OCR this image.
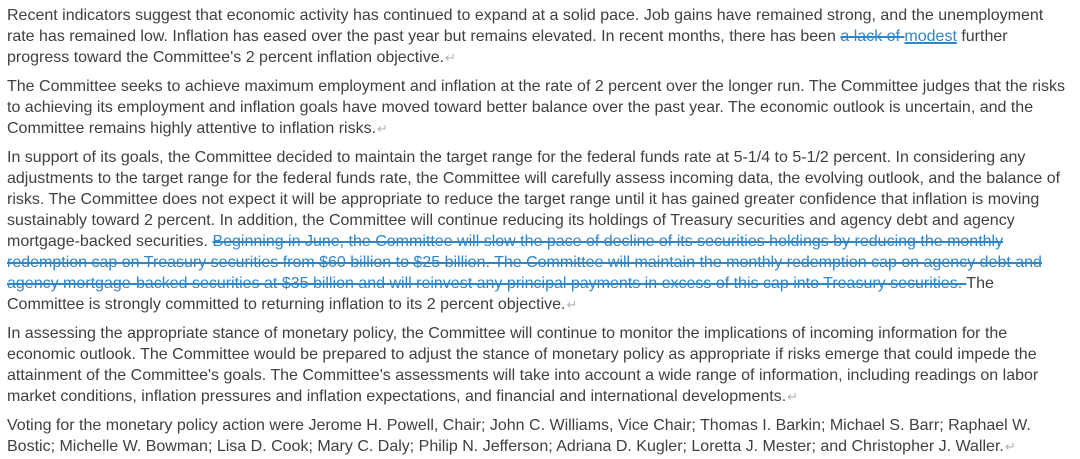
Recent indicators suggest that economic activity has continued to expand at a solid pace. Job gains have remained strong, and the unemployment rate has remained low. Inflation has eased over the past year but remains elevated. In recent months, there has been a lack of modest further progress toward the Committee's 2 percent inflation objective.↵

The Committee seeks to achieve maximum employment and inflation at the rate of 2 percent over the longer run. The Committee judges that the risks to achieving its employment and inflation goals have moved toward better balance over the past year. The economic outlook is uncertain, and the Committee remains highly attentive to inflation risks.↵

In support of its goals, the Committee decided to maintain the target range for the federal funds rate at 5-1/4 to 5-1/2 percent. In considering any adjustments to the target range for the federal funds rate, the Committee will carefully assess incoming data, the evolving outlook, and the balance of risks. The Committee does not expect it will be appropriate to reduce the target range until it has gained greater confidence that inflation is moving sustainably toward 2 percent. In addition, the Committee will continue reducing its holdings of Treasury securities and agency debt and agency mortgage-backed securities. Beginning in June, the Committee will slow the pace of decline of its securities holdings by reducing the monthly redemption cap on Treasury securities from $60 billion to $25 billion. The Committee will maintain the monthly redemption cap on agency debt and agency mortgage-backed securities at $35 billion and will reinvest any principal payments in excess of this cap into Treasury securities. The Committee is strongly committed to returning inflation to its 2 percent objective.↵

In assessing the appropriate stance of monetary policy, the Committee will continue to monitor the implications of incoming information for the economic outlook. The Committee would be prepared to adjust the stance of monetary policy as appropriate if risks emerge that could impede the attainment of the Committee's goals. The Committee's assessments will take into account a wide range of information, including readings on labor market conditions, inflation pressures and inflation expectations, and financial and international developments.↵

Voting for the monetary policy action were Jerome H. Powell, Chair; John C. Williams, Vice Chair; Thomas I. Barkin; Michael S. Barr; Raphael W. Bostic; Michelle W. Bowman; Lisa D. Cook; Mary C. Daly; Philip N. Jefferson; Adriana D. Kugler; Loretta J. Mester; and Christopher J. Waller.↵
